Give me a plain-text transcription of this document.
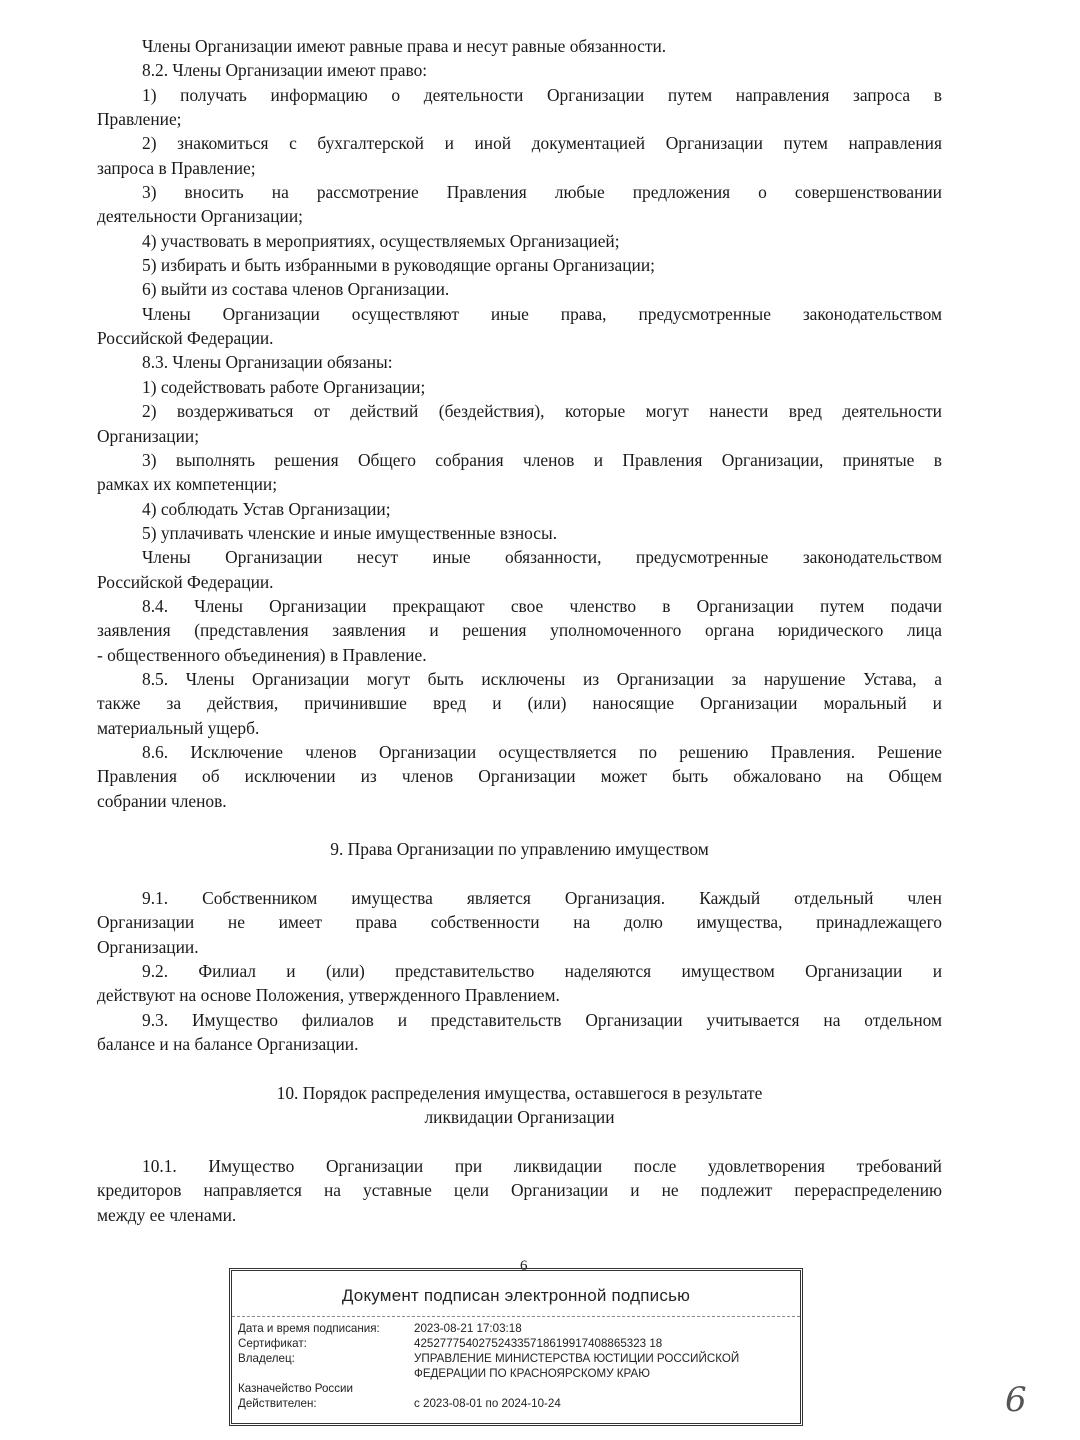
Члены Организации имеют равные права и несут равные обязанности.
8.2. Члены Организации имеют право:
1) получать информацию о деятельности Организации путем направления запроса в
Правление;
2) знакомиться с бухгалтерской и иной документацией Организации путем направления
запроса в Правление;
3) вносить на рассмотрение Правления любые предложения о совершенствовании
деятельности Организации;
4) участвовать в мероприятиях, осуществляемых Организацией;
5) избирать и быть избранными в руководящие органы Организации;
6) выйти из состава членов Организации.
Члены Организации осуществляют иные права, предусмотренные законодательством
Российской Федерации.
8.3. Члены Организации обязаны:
1) содействовать работе Организации;
2) воздерживаться от действий (бездействия), которые могут нанести вред деятельности
Организации;
3) выполнять решения Общего собрания членов и Правления Организации, принятые в
рамках их компетенции;
4) соблюдать Устав Организации;
5) уплачивать членские и иные имущественные взносы.
Члены Организации несут иные обязанности, предусмотренные законодательством
Российской Федерации.
8.4. Члены Организации прекращают свое членство в Организации путем подачи
заявления (представления заявления и решения уполномоченного органа юридического лица
- общественного объединения) в Правление.
8.5. Члены Организации могут быть исключены из Организации за нарушение Устава, а
также за действия, причинившие вред и (или) наносящие Организации моральный и
материальный ущерб.
8.6. Исключение членов Организации осуществляется по решению Правления. Решение
Правления об исключении из членов Организации может быть обжаловано на Общем
собрании членов.
9. Права Организации по управлению имуществом
9.1. Собственником имущества является Организация. Каждый отдельный член
Организации не имеет права собственности на долю имущества, принадлежащего
Организации.
9.2. Филиал и (или) представительство наделяются имуществом Организации и
действуют на основе Положения, утвержденного Правлением.
9.3. Имущество филиалов и представительств Организации учитывается на отдельном
балансе и на балансе Организации.
10. Порядок распределения имущества, оставшегося в результате
ликвидации Организации
10.1. Имущество Организации при ликвидации после удовлетворения требований
кредиторов направляется на уставные цели Организации и не подлежит перераспределению
между ее членами.
6
Документ подписан электронной подписью
Дата и время подписания:	2023-08-21 17:03:18
Сертификат:	425277754027524335718619917408865323 18
Владелец:	УПРАВЛЕНИЕ МИНИСТЕРСТВА ЮСТИЦИИ РОССИЙСКОЙ
ФЕДЕРАЦИИ ПО КРАСНОЯРСКОМУ КРАЮ
Казначейство России
Действителен:	с 2023-08-01 по 2024-10-24	6
